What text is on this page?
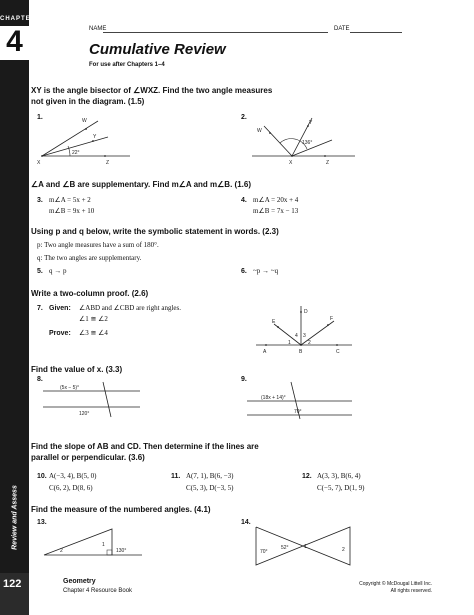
CHAPTER
4
Review and Assess
122
NAME	DATE
Cumulative Review
For use after Chapters 1–4
XY is the angle bisector of ∠WXZ. Find the two angle measures
not given in the diagram. (1.5)
1.	2.
W
Y
X	Z
22°
W
Y
X	Z
136°
∠A and ∠B are supplementary. Find m∠A and m∠B. (1.6)
3. m∠A = 5x + 2
m∠B = 9x + 10
4. m∠A = 20x + 4
m∠B = 7x − 13
Using p and q below, write the symbolic statement in words. (2.3)
p: Two angle measures have a sum of 180°.
q: The two angles are supplementary.
5. q → p	6. ~p → ~q
Write a two-column proof. (2.6)
7. Given: ∠ABD and ∠CBD are right angles.
∠1 ≅ ∠2
Prove: ∠3 ≅ ∠4
A	B	C
D
E	F
1	2
3
4
Find the value of x. (3.3)
8.	9.
(5x − 5)°
120°
(18x + 14)°
70°
Find the slope of AB and CD. Then determine if the lines are
parallel or perpendicular. (3.6)
10. A(−3, 4), B(5, 0)
C(6, 2), D(8, 6)
11. A(7, 1), B(6, −3)
C(5, 3), D(−3, 5)
12. A(3, 3), B(6, 4)
C(−5, 7), D(1, 9)
Find the measure of the numbered angles. (4.1)
13.	14.
2
1
130°	70°
52°	1	2
Geometry
Chapter 4 Resource Book
Copyright © McDougal Littell Inc.
All rights reserved.
